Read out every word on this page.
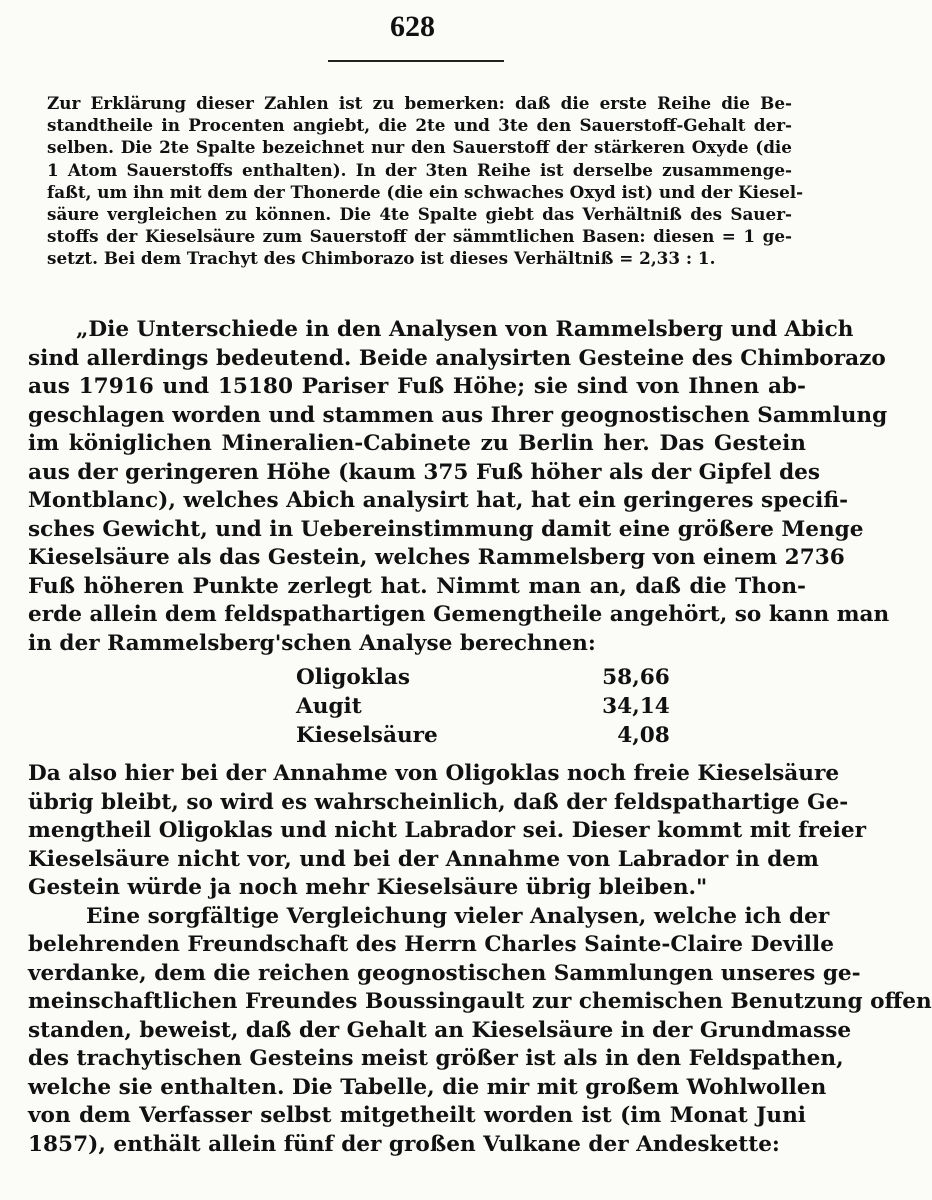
628
Zur Erklärung dieser Zahlen ist zu bemerken: daß die erste Reihe die Be-
standtheile in Procenten angiebt, die 2te und 3te den Sauerstoff-Gehalt der-
selben. Die 2te Spalte bezeichnet nur den Sauerstoff der stärkeren Oxyde (die
1 Atom Sauerstoffs enthalten). In der 3ten Reihe ist derselbe zusammenge-
faßt, um ihn mit dem der Thonerde (die ein schwaches Oxyd ist) und der Kiesel-
säure vergleichen zu können. Die 4te Spalte giebt das Verhältniß des Sauer-
stoffs der Kieselsäure zum Sauerstoff der sämmtlichen Basen: diesen = 1 ge-
setzt. Bei dem Trachyt des Chimborazo ist dieses Verhältniß = 2,33 : 1.
„Die Unterschiede in den Analysen von Rammelsberg und Abich
sind allerdings bedeutend. Beide analysirten Gesteine des Chimborazo
aus 17916 und 15180 Pariser Fuß Höhe; sie sind von Ihnen ab-
geschlagen worden und stammen aus Ihrer geognostischen Sammlung
im königlichen Mineralien-Cabinete zu Berlin her. Das Gestein
aus der geringeren Höhe (kaum 375 Fuß höher als der Gipfel des
Montblanc), welches Abich analysirt hat, hat ein geringeres specifi-
sches Gewicht, und in Uebereinstimmung damit eine größere Menge
Kieselsäure als das Gestein, welches Rammelsberg von einem 2736
Fuß höheren Punkte zerlegt hat. Nimmt man an, daß die Thon-
erde allein dem feldspathartigen Gemengtheile angehört, so kann man
in der Rammelsberg'schen Analyse berechnen:
Oligoklas	58,66
Augit	34,14
Kieselsäure	4,08
Da also hier bei der Annahme von Oligoklas noch freie Kieselsäure
übrig bleibt, so wird es wahrscheinlich, daß der feldspathartige Ge-
mengtheil Oligoklas und nicht Labrador sei. Dieser kommt mit freier
Kieselsäure nicht vor, und bei der Annahme von Labrador in dem
Gestein würde ja noch mehr Kieselsäure übrig bleiben."
Eine sorgfältige Vergleichung vieler Analysen, welche ich der
belehrenden Freundschaft des Herrn Charles Sainte-Claire Deville
verdanke, dem die reichen geognostischen Sammlungen unseres ge-
meinschaftlichen Freundes Boussingault zur chemischen Benutzung offen
standen, beweist, daß der Gehalt an Kieselsäure in der Grundmasse
des trachytischen Gesteins meist größer ist als in den Feldspathen,
welche sie enthalten. Die Tabelle, die mir mit großem Wohlwollen
von dem Verfasser selbst mitgetheilt worden ist (im Monat Juni
1857), enthält allein fünf der großen Vulkane der Andeskette:
